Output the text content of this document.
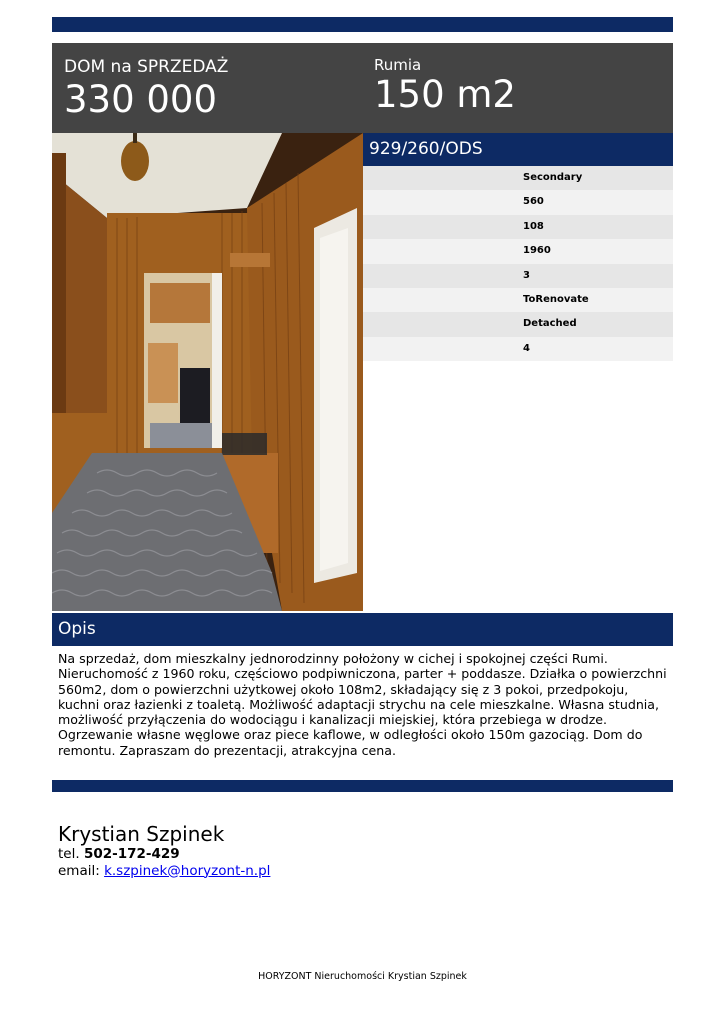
DOM na SPRZEDAŻ
330 000
Rumia
150 m2
929/260/ODS
Secondary
560
108
1960
3
ToRenovate
Detached
4
Opis
Na sprzedaż, dom mieszkalny jednorodzinny położony w cichej i spokojnej części Rumi. Nieruchomość z 1960 roku, częściowo podpiwniczona, parter + poddasze. Działka o powierzchni 560m2, dom o powierzchni użytkowej około 108m2, składający się z 3 pokoi, przedpokoju, kuchni oraz łazienki z toaletą. Możliwość adaptacji strychu na cele mieszkalne. Własna studnia, możliwość przyłączenia do wodociągu i kanalizacji miejskiej, która przebiega w drodze. Ogrzewanie własne węglowe oraz piece kaflowe, w odległości około 150m gazociąg. Dom do remontu. Zapraszam do prezentacji, atrakcyjna cena.
Krystian Szpinek
tel. 502-172-429
email: k.szpinek@horyzont-n.pl
HORYZONT Nieruchomości Krystian Szpinek
